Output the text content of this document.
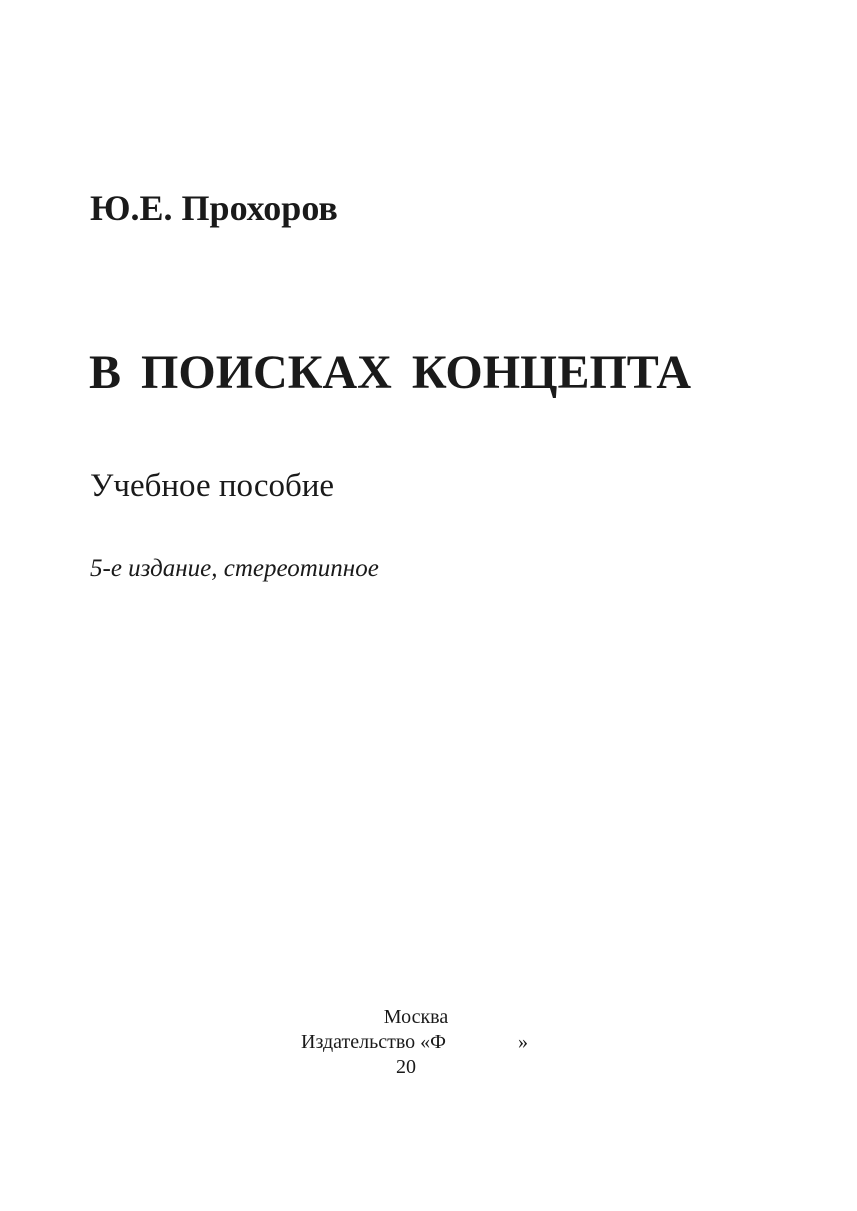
Ю.Е. Прохоров
В ПОИСКАХ КОНЦЕПТА
Учебное пособие
5-е издание, стереотипное
Москва
Издательство «Ф	»
20
